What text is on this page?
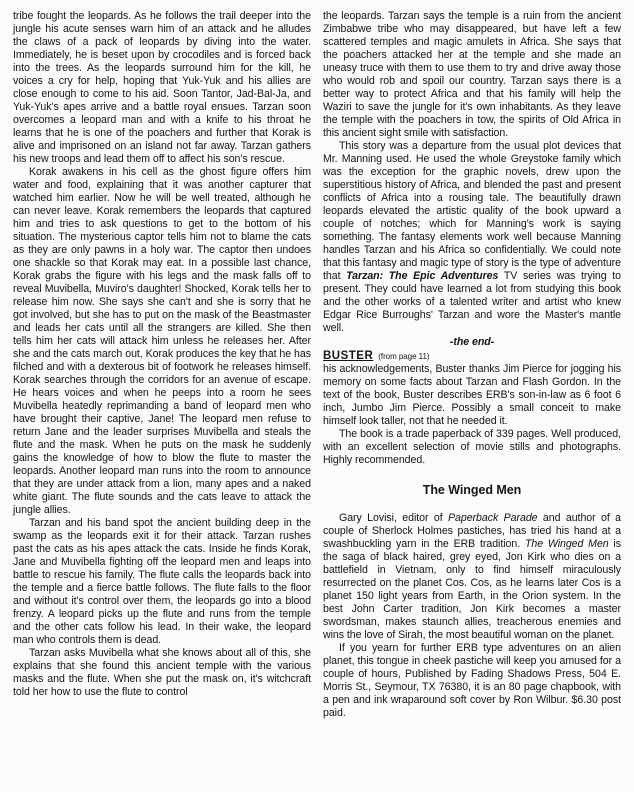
tribe fought the leopards. As he follows the trail deeper into the jungle his acute senses warn him of an attack and he alludes the claws of a pack of leopards by diving into the water. Immediately, he is beset upon by crocodiles and is forced back into the trees. As the leopards surround him for the kill, he voices a cry for help, hoping that Yuk-Yuk and his allies are close enough to come to his aid. Soon Tantor, Jad-Bal-Ja, and Yuk-Yuk's apes arrive and a battle royal ensues. Tarzan soon overcomes a leopard man and with a knife to his throat he learns that he is one of the poachers and further that Korak is alive and imprisoned on an island not far away. Tarzan gathers his new troops and lead them off to affect his son's rescue.

Korak awakens in his cell as the ghost figure offers him water and food, explaining that it was another capturer that watched him earlier. Now he will be well treated, although he can never leave. Korak remembers the leopards that captured him and tries to ask questions to get to the bottom of his situation. The mysterious captor tells him not to blame the cats as they are only pawns in a holy war. The captor then undoes one shackle so that Korak may eat. In a possible last chance, Korak grabs the figure with his legs and the mask falls off to reveal Muvibella, Muviro's daughter! Shocked, Korak tells her to release him now. She says she can't and she is sorry that he got involved, but she has to put on the mask of the Beastmaster and leads her cats until all the strangers are killed. She then tells him her cats will attack him unless he releases her. After she and the cats march out, Korak produces the key that he has filched and with a dexterous bit of footwork he releases himself. Korak searches through the corridors for an avenue of escape. He hears voices and when he peeps into a room he sees Muvibella heatedly reprimanding a band of leopard men who have brought their captive, Jane! The leopard men refuse to return Jane and the leader surprises Muvibella and steals the flute and the mask. When he puts on the mask he suddenly gains the knowledge of how to blow the flute to master the leopards. Another leopard man runs into the room to announce that they are under attack from a lion, many apes and a naked white giant. The flute sounds and the cats leave to attack the jungle allies.

Tarzan and his band spot the ancient building deep in the swamp as the leopards exit it for their attack. Tarzan rushes past the cats as his apes attack the cats. Inside he finds Korak, Jane and Muvibella fighting off the leopard men and leaps into battle to rescue his family. The flute calls the leopards back into the temple and a fierce battle follows. The flute falls to the floor and without it's control over them, the leopards go into a blood frenzy. A leopard picks up the flute and runs from the temple and the other cats follow his lead. In their wake, the leopard man who controls them is dead.

Tarzan asks Muvibella what she knows about all of this, she explains that she found this ancient temple with the various masks and the flute. When she put the mask on, it's witchcraft told her how to use the flute to control

the leopards. Tarzan says the temple is a ruin from the ancient Zimbabwe tribe who may disappeared, but have left a few scattered temples and magic amulets in Africa. She says that the poachers attacked her at the temple and she made an uneasy truce with them to use them to try and drive away those who would rob and spoil our country. Tarzan says there is a better way to protect Africa and that his family will help the Waziri to save the jungle for it's own inhabitants. As they leave the temple with the poachers in tow, the spirits of Old Africa in this ancient sight smile with satisfaction.

This story was a departure from the usual plot devices that Mr. Manning used. He used the whole Greystoke family which was the exception for the graphic novels, drew upon the superstitious history of Africa, and blended the past and present conflicts of Africa into a rousing tale. The beautifully drawn leopards elevated the artistic quality of the book upward a couple of notches; which for Manning's work is saying something. The fantasy elements work well because Manning handles Tarzan and his Africa so confidentially. We could note that this fantasy and magic type of story is the type of adventure that Tarzan: The Epic Adventures TV series was trying to present. They could have learned a lot from studying this book and the other works of a talented writer and artist who knew Edgar Rice Burroughs' Tarzan and wore the Master's mantle well.

-the end-

BUSTER (from page 11)

his acknowledgements, Buster thanks Jim Pierce for jogging his memory on some facts about Tarzan and Flash Gordon. In the text of the book, Buster describes ERB's son-in-law as 6 foot 6 inch, Jumbo Jim Pierce. Possibly a small conceit to make himself look taller, not that he needed it.

The book is a trade paperback of 339 pages. Well produced, with an excellent selection of movie stills and photographs. Highly recommended.

The Winged Men

Gary Lovisi, editor of Paperback Parade and author of a couple of Sherlock Holmes pastiches, has tried his hand at a swashbuckling yarn in the ERB tradition. The Winged Men is the saga of black haired, grey eyed, Jon Kirk who dies on a battlefield in Vietnam, only to find himself miraculously resurrected on the planet Cos. Cos, as he learns later Cos is a planet 150 light years from Earth, in the Orion system. In the best John Carter tradition, Jon Kirk becomes a master swordsman, makes staunch allies, treacherous enemies and wins the love of Sirah, the most beautiful woman on the planet.

If you yearn for further ERB type adventures on an alien planet, this tongue in cheek pastiche will keep you amused for a couple of hours, Published by Fading Shadows Press, 504 E. Morris St., Seymour, TX 76380, it is an 80 page chapbook, with a pen and ink wraparound soft cover by Ron Wilbur. $6.30 post paid.
